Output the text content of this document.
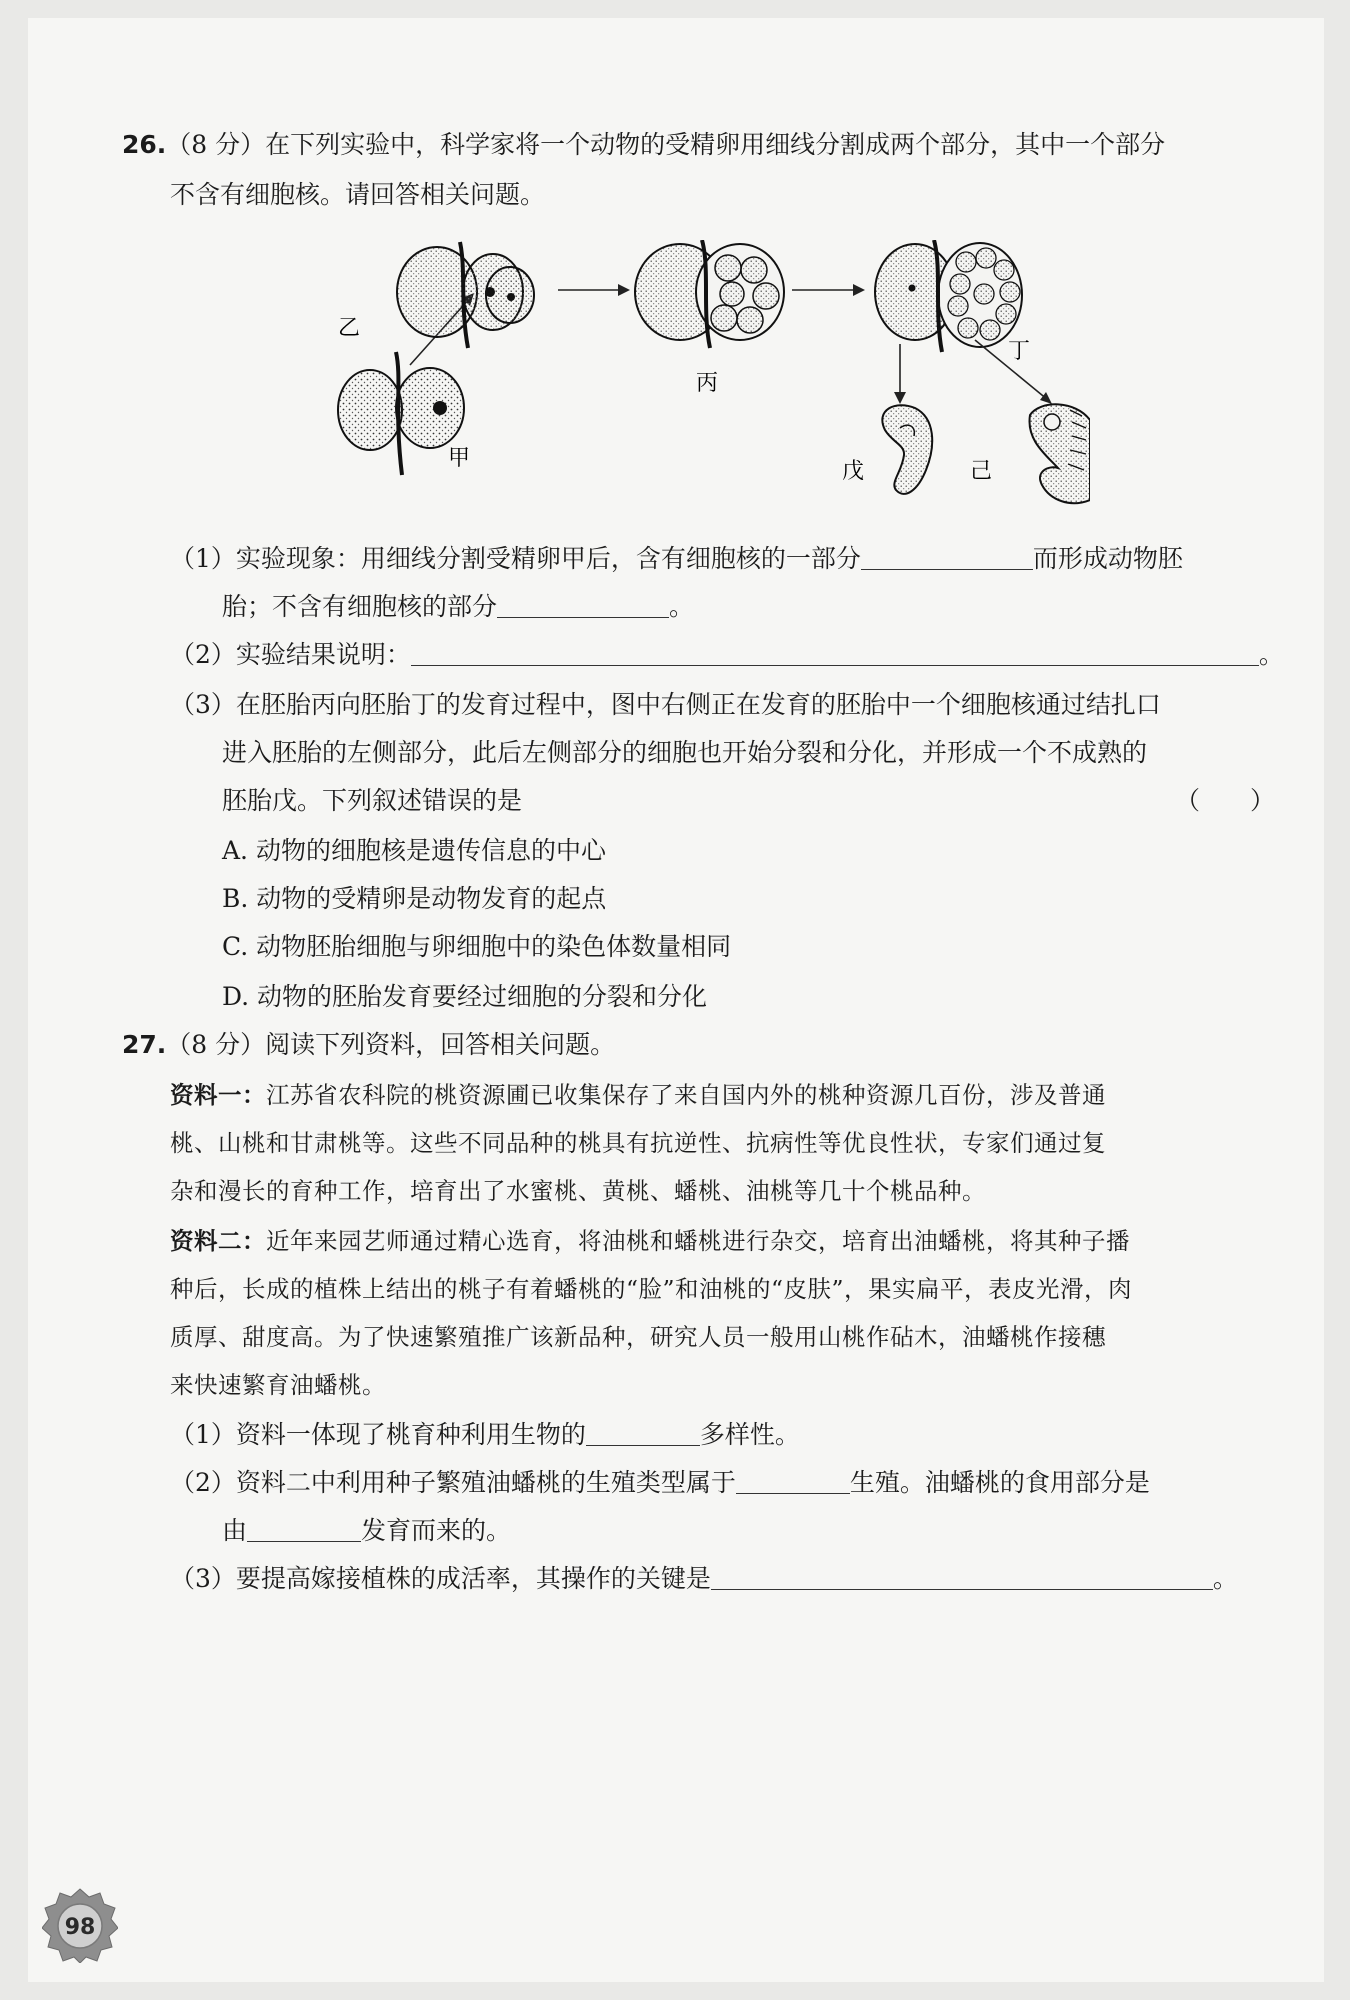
26.（8 分）在下列实验中，科学家将一个动物的受精卵用细线分割成两个部分，其中一个部分
不含有细胞核。请回答相关问题。
乙
甲
丙
丁
戊	己
（1）实验现象：用细线分割受精卵甲后，含有细胞核的一部分	而形成动物胚
胎；不含有细胞核的部分	。
（2）实验结果说明：	。
（3）在胚胎丙向胚胎丁的发育过程中，图中右侧正在发育的胚胎中一个细胞核通过结扎口
进入胚胎的左侧部分，此后左侧部分的细胞也开始分裂和分化，并形成一个不成熟的
胚胎戊。下列叙述错误的是	（　　）
A. 动物的细胞核是遗传信息的中心
B. 动物的受精卵是动物发育的起点
C. 动物胚胎细胞与卵细胞中的染色体数量相同
D. 动物的胚胎发育要经过细胞的分裂和分化
27.（8 分）阅读下列资料，回答相关问题。
资料一：江苏省农科院的桃资源圃已收集保存了来自国内外的桃种资源几百份，涉及普通
桃、山桃和甘肃桃等。这些不同品种的桃具有抗逆性、抗病性等优良性状，专家们通过复
杂和漫长的育种工作，培育出了水蜜桃、黄桃、蟠桃、油桃等几十个桃品种。
资料二：近年来园艺师通过精心选育，将油桃和蟠桃进行杂交，培育出油蟠桃，将其种子播
种后，长成的植株上结出的桃子有着蟠桃的“脸”和油桃的“皮肤”，果实扁平，表皮光滑，肉
质厚、甜度高。为了快速繁殖推广该新品种，研究人员一般用山桃作砧木，油蟠桃作接穗
来快速繁育油蟠桃。
（1）资料一体现了桃育种利用生物的	多样性。
（2）资料二中利用种子繁殖油蟠桃的生殖类型属于	生殖。油蟠桃的食用部分是
由	发育而来的。
（3）要提高嫁接植株的成活率，其操作的关键是	。
98
